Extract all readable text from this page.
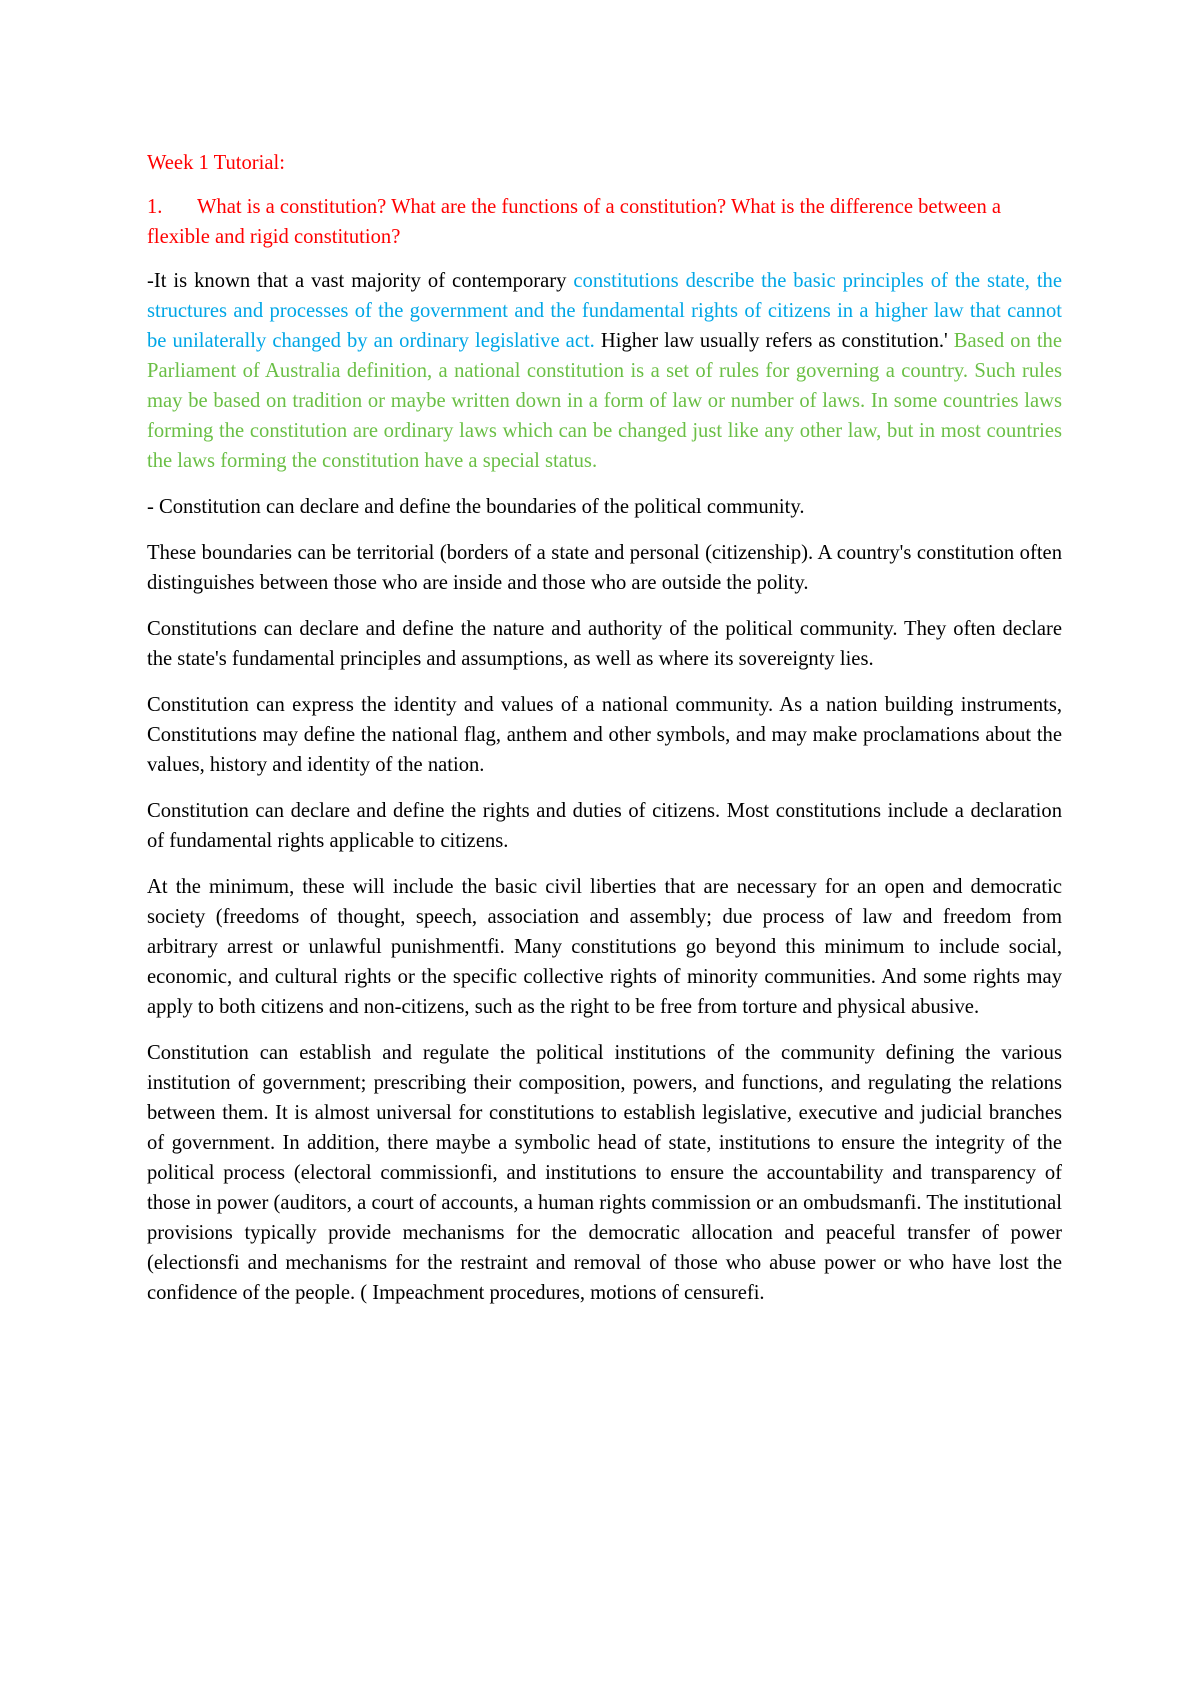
Week 1 Tutorial:

1. What is a constitution? What are the functions of a constitution? What is the difference between a flexible and rigid constitution?

-It is known that a vast majority of contemporary constitutions describe the basic principles of the state, the structures and processes of the government and the fundamental rights of citizens in a higher law that cannot be unilaterally changed by an ordinary legislative act. Higher law usually refers as constitution.' Based on the Parliament of Australia definition, a national constitution is a set of rules for governing a country. Such rules may be based on tradition or maybe written down in a form of law or number of laws. In some countries laws forming the constitution are ordinary laws which can be changed just like any other law, but in most countries the laws forming the constitution have a special status.

- Constitution can declare and define the boundaries of the political community.

These boundaries can be territorial (borders of a state and personal (citizenship). A country's constitution often distinguishes between those who are inside and those who are outside the polity.

Constitutions can declare and define the nature and authority of the political community. They often declare the state's fundamental principles and assumptions, as well as where its sovereignty lies.

Constitution can express the identity and values of a national community. As a nation building instruments, Constitutions may define the national flag, anthem and other symbols, and may make proclamations about the values, history and identity of the nation.

Constitution can declare and define the rights and duties of citizens. Most constitutions include a declaration of fundamental rights applicable to citizens.

At the minimum, these will include the basic civil liberties that are necessary for an open and democratic society (freedoms of thought, speech, association and assembly; due process of law and freedom from arbitrary arrest or unlawful punishmentfi. Many constitutions go beyond this minimum to include social, economic, and cultural rights or the specific collective rights of minority communities. And some rights may apply to both citizens and non-citizens, such as the right to be free from torture and physical abusive.

Constitution can establish and regulate the political institutions of the community defining the various institution of government; prescribing their composition, powers, and functions, and regulating the relations between them. It is almost universal for constitutions to establish legislative, executive and judicial branches of government. In addition, there maybe a symbolic head of state, institutions to ensure the integrity of the political process (electoral commissionfi, and institutions to ensure the accountability and transparency of those in power (auditors, a court of accounts, a human rights commission or an ombudsmanfi. The institutional provisions typically provide mechanisms for the democratic allocation and peaceful transfer of power (electionsfi and mechanisms for the restraint and removal of those who abuse power or who have lost the confidence of the people. ( Impeachment procedures, motions of censurefi.
